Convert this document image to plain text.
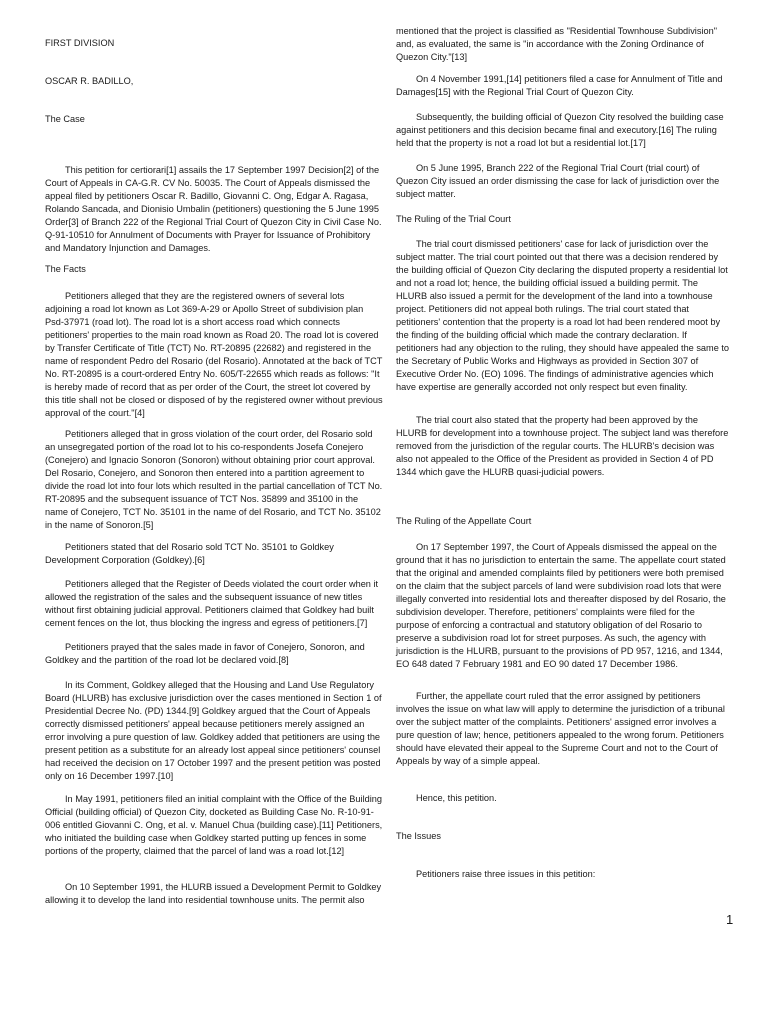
FIRST DIVISION

OSCAR R. BADILLO,

The Case

This petition for certiorari[1] assails the 17 September 1997 Decision[2] of the Court of Appeals in CA-G.R. CV No. 50035. The Court of Appeals dismissed the appeal filed by petitioners Oscar R. Badillo, Giovanni C. Ong, Edgar A. Ragasa, Rolando Sancada, and Dionisio Umbalin (petitioners) questioning the 5 June 1995 Order[3] of Branch 222 of the Regional Trial Court of Quezon City in Civil Case No. Q-91-10510 for Annulment of Documents with Prayer for Issuance of Prohibitory and Mandatory Injunction and Damages.

The Facts

Petitioners alleged that they are the registered owners of several lots adjoining a road lot known as Lot 369-A-29 or Apollo Street of subdivision plan Psd-37971 (road lot). The road lot is a short access road which connects petitioners' properties to the main road known as Road 20. The road lot is covered by Transfer Certificate of Title (TCT) No. RT-20895 (22682) and registered in the name of respondent Pedro del Rosario (del Rosario). Annotated at the back of TCT No. RT-20895 is a court-ordered Entry No. 605/T-22655 which reads as follows: "It is hereby made of record that as per order of the Court, the street lot covered by this title shall not be closed or disposed of by the registered owner without previous approval of the court."[4]

Petitioners alleged that in gross violation of the court order, del Rosario sold an unsegregated portion of the road lot to his co-respondents Josefa Conejero (Conejero) and Ignacio Sonoron (Sonoron) without obtaining prior court approval. Del Rosario, Conejero, and Sonoron then entered into a partition agreement to divide the road lot into four lots which resulted in the partial cancellation of TCT No. RT-20895 and the subsequent issuance of TCT Nos. 35899 and 35100 in the name of Conejero, TCT No. 35101 in the name of del Rosario, and TCT No. 35102 in the name of Sonoron.[5]

Petitioners stated that del Rosario sold TCT No. 35101 to Goldkey Development Corporation (Goldkey).[6]

Petitioners alleged that the Register of Deeds violated the court order when it allowed the registration of the sales and the subsequent issuance of new titles without first obtaining judicial approval. Petitioners claimed that Goldkey had built cement fences on the lot, thus blocking the ingress and egress of petitioners.[7]

Petitioners prayed that the sales made in favor of Conejero, Sonoron, and Goldkey and the partition of the road lot be declared void.[8]

In its Comment, Goldkey alleged that the Housing and Land Use Regulatory Board (HLURB) has exclusive jurisdiction over the cases mentioned in Section 1 of Presidential Decree No. (PD) 1344.[9] Goldkey argued that the Court of Appeals correctly dismissed petitioners' appeal because petitioners merely assigned an error involving a pure question of law. Goldkey added that petitioners are using the present petition as a substitute for an already lost appeal since petitioners' counsel had received the decision on 17 October 1997 and the present petition was posted only on 16 December 1997.[10]

In May 1991, petitioners filed an initial complaint with the Office of the Building Official (building official) of Quezon City, docketed as Building Case No. R-10-91-006 entitled Giovanni C. Ong, et al. v. Manuel Chua (building case).[11] Petitioners, who initiated the building case when Goldkey started putting up fences in some portions of the property, claimed that the parcel of land was a road lot.[12]

On 10 September 1991, the HLURB issued a Development Permit to Goldkey allowing it to develop the land into residential townhouse units. The permit also

mentioned that the project is classified as "Residential Townhouse Subdivision" and, as evaluated, the same is "in accordance with the Zoning Ordinance of Quezon City."[13]

On 4 November 1991,[14] petitioners filed a case for Annulment of Title and Damages[15] with the Regional Trial Court of Quezon City.

Subsequently, the building official of Quezon City resolved the building case against petitioners and this decision became final and executory.[16] The ruling held that the property is not a road lot but a residential lot.[17]

On 5 June 1995, Branch 222 of the Regional Trial Court (trial court) of Quezon City issued an order dismissing the case for lack of jurisdiction over the subject matter.

The Ruling of the Trial Court

The trial court dismissed petitioners' case for lack of jurisdiction over the subject matter. The trial court pointed out that there was a decision rendered by the building official of Quezon City declaring the disputed property a residential lot and not a road lot; hence, the building official issued a building permit. The HLURB also issued a permit for the development of the land into a townhouse project. Petitioners did not appeal both rulings. The trial court stated that petitioners' contention that the property is a road lot had been rendered moot by the finding of the building official which made the contrary declaration. If petitioners had any objection to the ruling, they should have appealed the same to the Secretary of Public Works and Highways as provided in Section 307 of Executive Order No. (EO) 1096. The findings of administrative agencies which have expertise are generally accorded not only respect but even finality.

The trial court also stated that the property had been approved by the HLURB for development into a townhouse project. The subject land was therefore removed from the jurisdiction of the regular courts. The HLURB's decision was also not appealed to the Office of the President as provided in Section 4 of PD 1344 which gave the HLURB quasi-judicial powers.

The Ruling of the Appellate Court

On 17 September 1997, the Court of Appeals dismissed the appeal on the ground that it has no jurisdiction to entertain the same. The appellate court stated that the original and amended complaints filed by petitioners were both premised on the claim that the subject parcels of land were subdivision road lots that were illegally converted into residential lots and thereafter disposed by del Rosario, the subdivision developer. Therefore, petitioners' complaints were filed for the purpose of enforcing a contractual and statutory obligation of del Rosario to preserve a subdivision road lot for street purposes. As such, the agency with jurisdiction is the HLURB, pursuant to the provisions of PD 957, 1216, and 1344, EO 648 dated 7 February 1981 and EO 90 dated 17 December 1986.

Further, the appellate court ruled that the error assigned by petitioners involves the issue on what law will apply to determine the jurisdiction of a tribunal over the subject matter of the complaints. Petitioners' assigned error involves a pure question of law; hence, petitioners appealed to the wrong forum. Petitioners should have elevated their appeal to the Supreme Court and not to the Court of Appeals by way of a simple appeal.

Hence, this petition.

The Issues

Petitioners raise three issues in this petition:

1
